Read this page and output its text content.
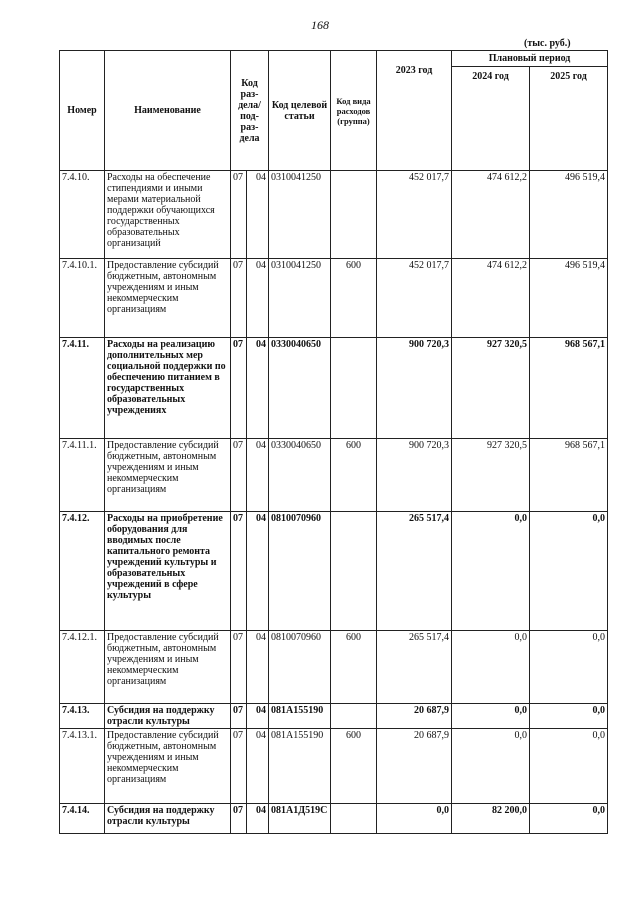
168
(тыс. руб.)
Номер	Наименование	Код раз-дела/ под-раз-дела		Код целевой статьи	Код вида расходов (группа)	2023 год	Плановый период	
							2024 год	2025 год
7.4.10.	Расходы на обеспечение стипендиями и иными мерами материальной поддержки обучающихся государственных образовательных организаций	07	04	0310041250		452 017,7	474 612,2	496 519,4
7.4.10.1.	Предоставление субсидий бюджетным, автономным учреждениям и иным некоммерческим организациям	07	04	0310041250	600	452 017,7	474 612,2	496 519,4
7.4.11.	Расходы на реализацию дополнительных мер социальной поддержки по обеспечению питанием в государственных образовательных учреждениях	07	04	0330040650		900 720,3	927 320,5	968 567,1
7.4.11.1.	Предоставление субсидий бюджетным, автономным учреждениям и иным некоммерческим организациям	07	04	0330040650	600	900 720,3	927 320,5	968 567,1
7.4.12.	Расходы на приобретение оборудования для вводимых после капитального ремонта учреждений культуры и образовательных учреждений в сфере культуры	07	04	0810070960		265 517,4	0,0	0,0
7.4.12.1.	Предоставление субсидий бюджетным, автономным учреждениям и иным некоммерческим организациям	07	04	0810070960	600	265 517,4	0,0	0,0
7.4.13.	Субсидия на поддержку отрасли культуры	07	04	081A155190		20 687,9	0,0	0,0
7.4.13.1.	Предоставление субсидий бюджетным, автономным учреждениям и иным некоммерческим организациям	07	04	081A155190	600	20 687,9	0,0	0,0
7.4.14.	Субсидия на поддержку отрасли культуры	07	04	081А1Д519С		0,0	82 200,0	0,0
